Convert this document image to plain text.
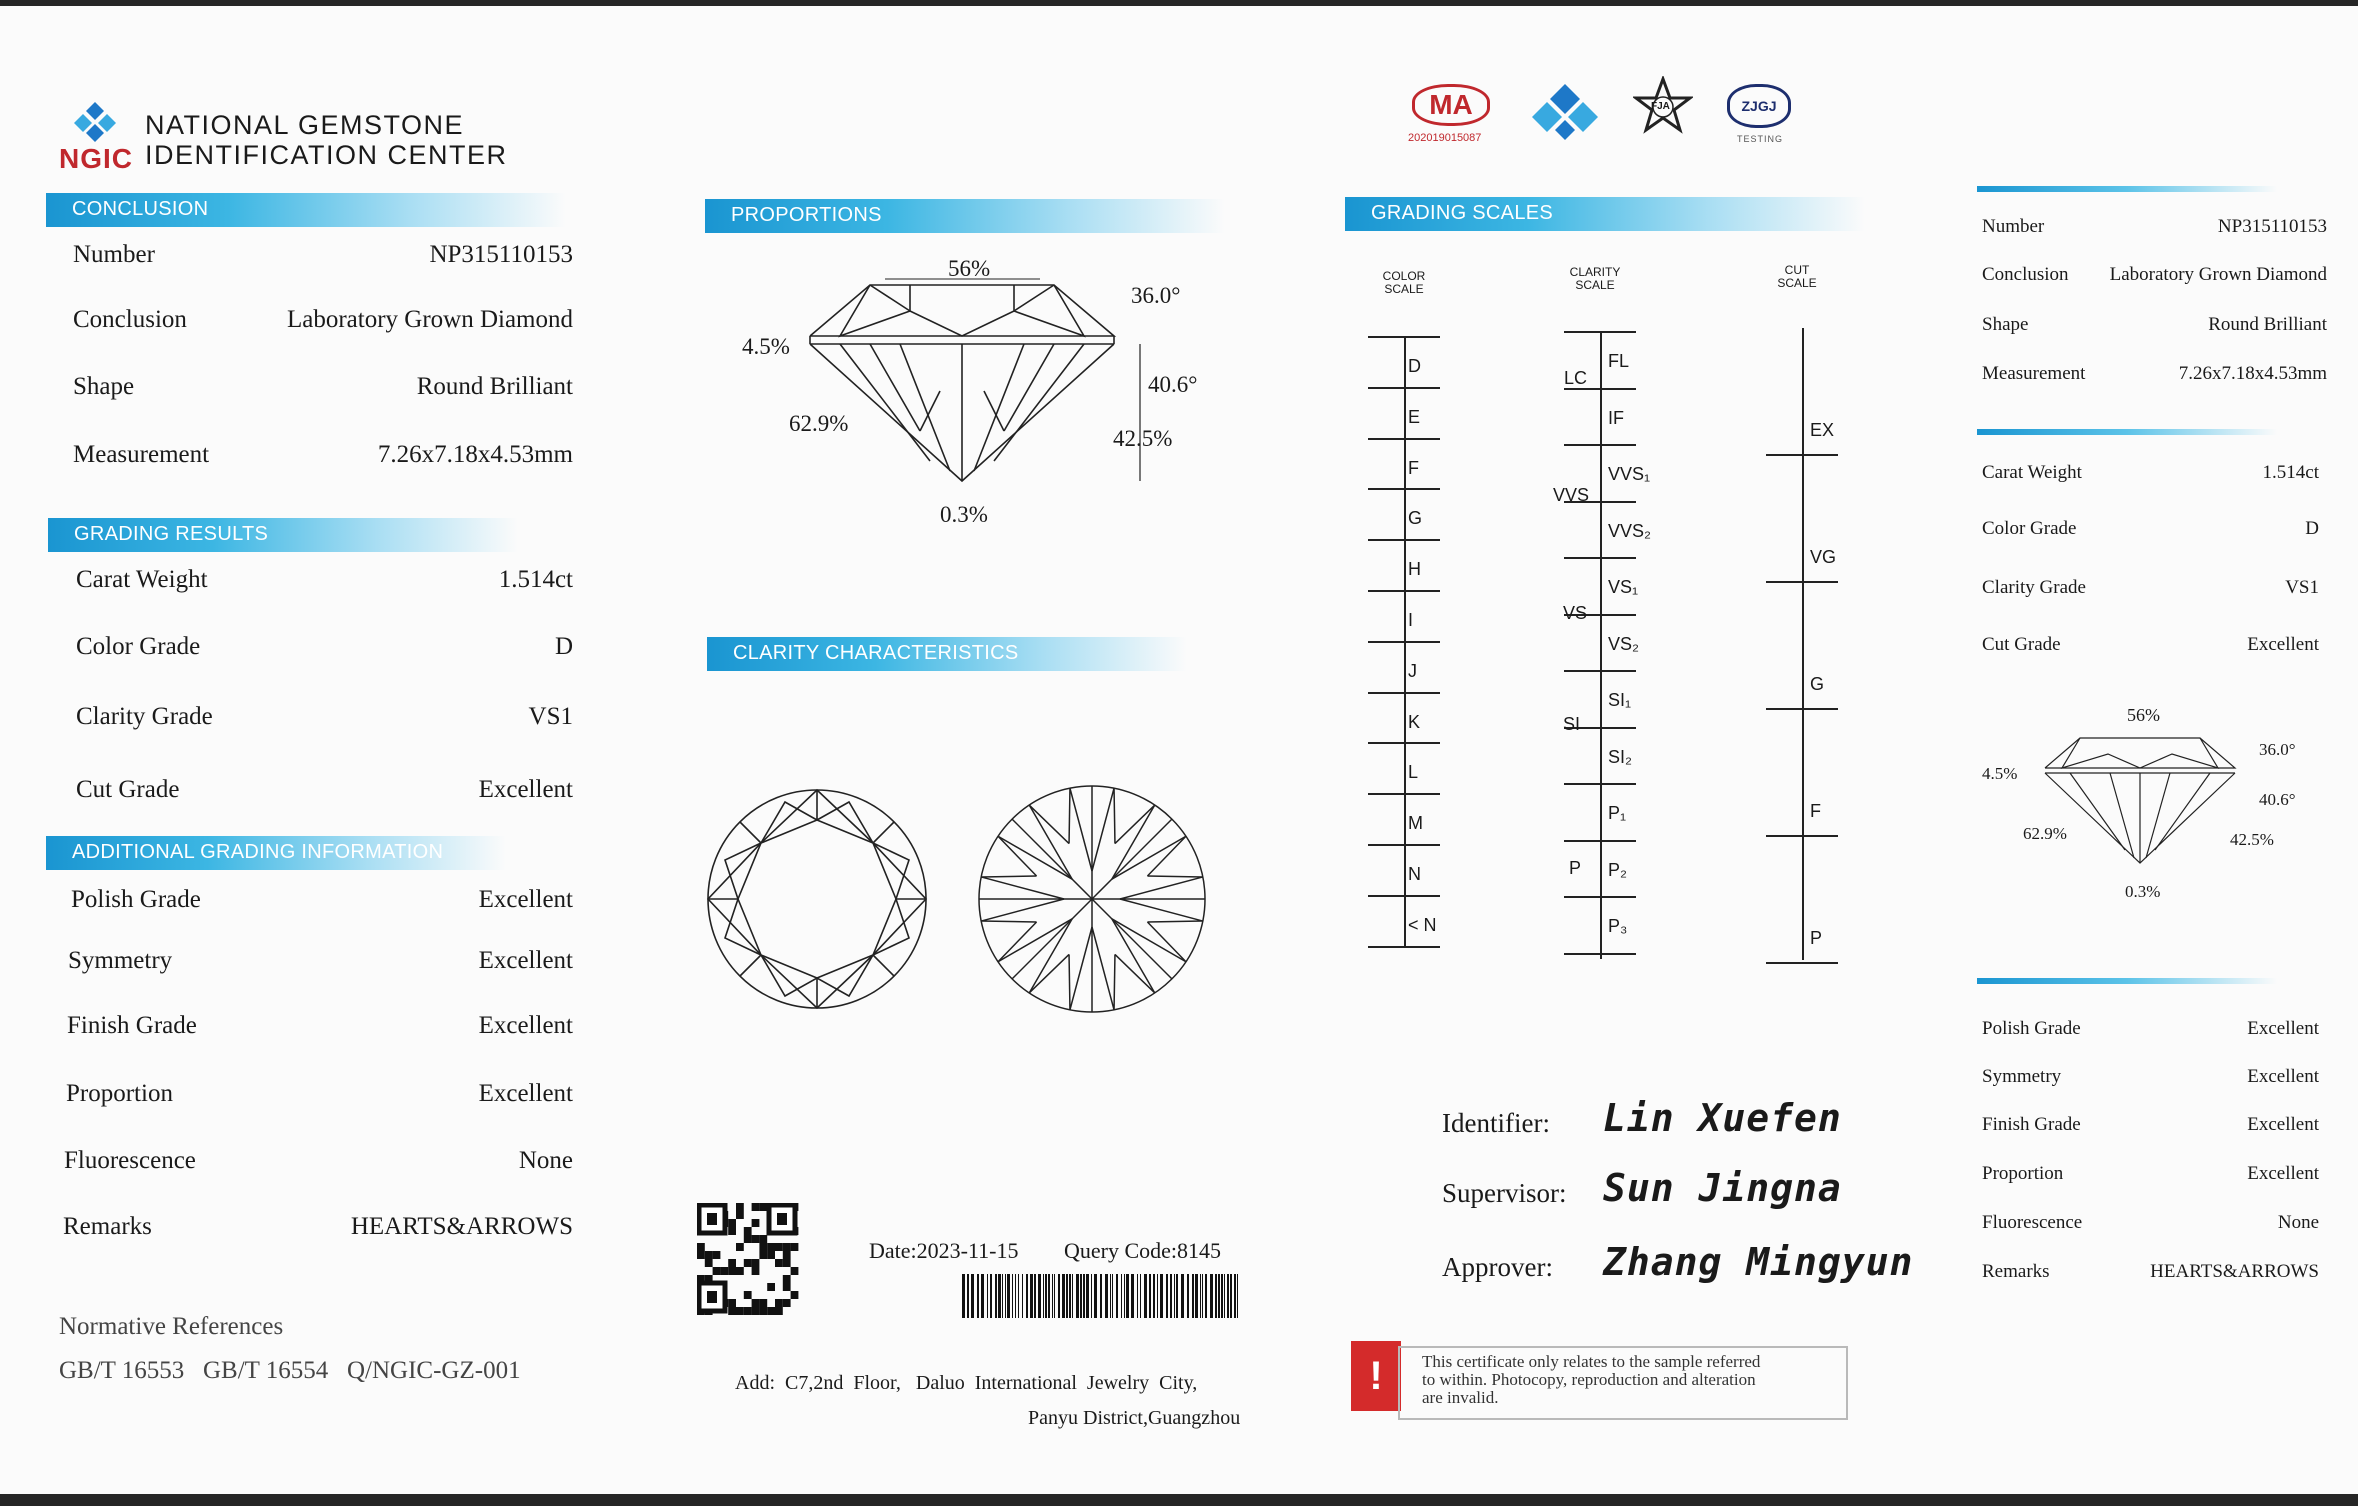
NGIC
NATIONAL GEMSTONE
IDENTIFICATION CENTER
CONCLUSION
Number	NP315110153
Conclusion	Laboratory Grown Diamond
Shape	Round Brilliant
Measurement	7.26x7.18x4.53mm
GRADING RESULTS
Carat Weight	1.514ct
Color Grade	D
Clarity Grade	VS1
Cut Grade	Excellent
ADDITIONAL GRADING INFORMATION
Polish Grade	Excellent
Symmetry	Excellent
Finish Grade	Excellent
Proportion	Excellent
Fluorescence	None
Remarks	HEARTS&ARROWS
Normative References
GB/T 16553   GB/T 16554   Q/NGIC-GZ-001
PROPORTIONS
56%
36.0°
4.5%
40.6°
62.9%
42.5%
0.3%
CLARITY CHARACTERISTICS
Date:2023-11-15 Query Code:8145
Add:  C7,2nd  Floor,   Daluo  International  Jewelry  City,
Panyu District,Guangzhou
MA
202019015087
FJA	ZJGJ
TESTING
GRADING SCALES
COLOR
SCALE
CLARITY
SCALE
CUT
SCALE
D
E
F
G
H
I
J
K
L
M
N
< N
FL
IF
VVS₁
VVS₂
VS₁
VS₂
SI₁
SI₂
P₁
P₂
P₃
LC
VVS
VS
SI
P
EX
VG
G
F
P
Identifier: Lin Xuefen
Supervisor: Sun Jingna
Approver: Zhang Mingyun
!	This certificate only relates to the sample referred
to within. Photocopy, reproduction and alteration
are invalid.
Number	NP315110153
Conclusion Laboratory Grown Diamond
Shape	Round Brilliant
Measurement	7.26x7.18x4.53mm
Carat Weight	1.514ct
Color Grade	D
Clarity Grade	VS1
Cut Grade	Excellent
56%
36.0°
4.5%
40.6°
62.9%	42.5%
0.3%
Polish Grade	Excellent
Symmetry	Excellent
Finish Grade	Excellent
Proportion	Excellent
Fluorescence	None
Remarks	HEARTS&ARROWS
